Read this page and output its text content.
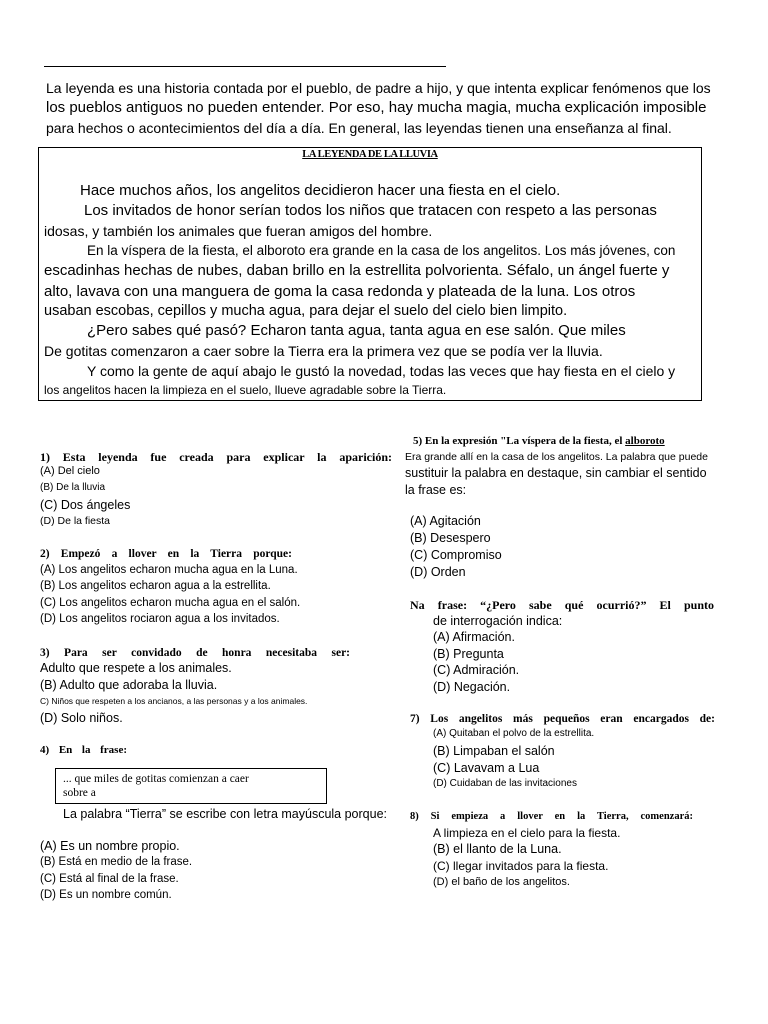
La leyenda es una historia contada por el pueblo, de padre a hijo, y que intenta explicar fenómenos que los
los pueblos antiguos no pueden entender. Por eso, hay mucha magia, mucha explicación imposible
para hechos o acontecimientos del día a día. En general, las leyendas tienen una enseñanza al final.
LA LEYENDA DE LA LLUVIA
Hace muchos años, los angelitos decidieron hacer una fiesta en el cielo.
Los invitados de honor serían todos los niños que tratacen con respeto a las personas
idosas, y también los animales que fueran amigos del hombre.
En la víspera de la fiesta, el alboroto era grande en la casa de los angelitos. Los más jóvenes, con
escadinhas hechas de nubes, daban brillo en la estrellita polvorienta. Séfalo, un ángel fuerte y
alto, lavava con una manguera de goma la casa redonda y plateada de la luna. Los otros
usaban escobas, cepillos y mucha agua, para dejar el suelo del cielo bien limpito.
¿Pero sabes qué pasó? Echaron tanta agua, tanta agua en ese salón. Que miles
De gotitas comenzaron a caer sobre la Tierra era la primera vez que se podía ver la lluvia.
Y como la gente de aquí abajo le gustó la novedad, todas las veces que hay fiesta en el cielo y
los angelitos hacen la limpieza en el suelo, llueve agradable sobre la Tierra.
1) Esta leyenda fue creada para explicar la aparición:
(A) Del cielo
(B) De la lluvia
(C) Dos ángeles
(D) De la fiesta
2) Empezó a llover en la Tierra porque:
(A) Los angelitos echaron mucha agua en la Luna.
(B) Los angelitos echaron agua a la estrellita.
(C) Los angelitos echaron mucha agua en el salón.
(D) Los angelitos rociaron agua a los invitados.
3) Para ser convidado de honra necesitaba ser:
Adulto que respete a los animales.
(B) Adulto que adoraba la lluvia.
C) Niños que respeten a los ancianos, a las personas y a los animales.
(D) Solo niños.
4) En la frase:
... que miles de gotitas comienzan a caer
sobre a
La palabra “Tierra” se escribe con letra mayúscula porque:
(A) Es un nombre propio.
(B) Está en medio de la frase.
(C) Está al final de la frase.
(D) Es un nombre común.
5) En la expresión "La víspera de la fiesta, el alboroto
Era grande allí en la casa de los angelitos. La palabra que puede
sustituir la palabra en destaque, sin cambiar el sentido
la frase es:
(A) Agitación
(B) Desespero
(C) Compromiso
(D) Orden
Na frase: “¿Pero sabe qué ocurrió?” El punto
de interrogación indica:
(A) Afirmación.
(B) Pregunta
(C) Admiración.
(D) Negación.
7) Los angelitos más pequeños eran encargados de:
(A) Quitaban el polvo de la estrellita.
(B) Limpaban el salón
(C) Lavavam a Lua
(D) Cuidaban de las invitaciones
8) Si empieza a llover en la Tierra, comenzará:
A limpieza en el cielo para la fiesta.
(B) el llanto de la Luna.
(C) llegar invitados para la fiesta.
(D) el baño de los angelitos.
